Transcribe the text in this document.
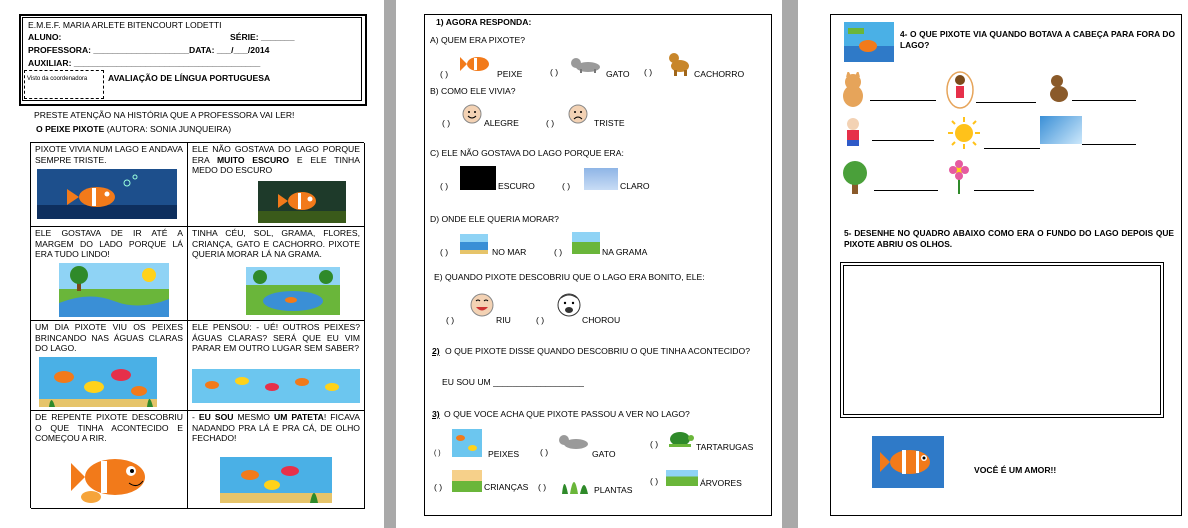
E.M.E.F. MARIA ARLETE BITENCOURT LODETTI
ALUNO:	SÉRIE: _______
PROFESSORA: ____________________DATA: ___/___/2014
AUXILIAR: _______________________________________
Visto da coordenadora AVALIAÇÃO DE LÍNGUA PORTUGUESA
PRESTE ATENÇÃO NA HISTÓRIA QUE A PROFESSORA VAI LER!
O PEIXE PIXOTE (AUTORA: SONIA JUNQUEIRA)
PIXOTE VIVIA NUM LAGO E ANDAVA SEMPRE TRISTE.
ELE NÃO GOSTAVA DO LAGO PORQUE ERA MUITO ESCURO E ELE TINHA MEDO DO ESCURO
ELE GOSTAVA DE IR ATÉ A MARGEM DO LADO PORQUE LÁ ERA TUDO LINDO!
TINHA CÉU, SOL, GRAMA, FLORES, CRIANÇA, GATO E CACHORRO. PIXOTE QUERIA MORAR LÁ NA GRAMA.
UM DIA PIXOTE VIU OS PEIXES BRINCANDO NAS ÁGUAS CLARAS DO LAGO.
ELE PENSOU: - UÉ! OUTROS PEIXES? ÁGUAS CLARAS? SERÁ QUE EU VIM PARAR EM OUTRO LUGAR SEM SABER?
DE REPENTE PIXOTE DESCOBRIU O QUE TINHA ACONTECIDO E COMEÇOU A RIR.
- EU SOU MESMO UM PATETA! FICAVA NADANDO PRA LÁ E PRA CÁ, DE OLHO FECHADO!
1) AGORA RESPONDA:
A) QUEM ERA PIXOTE?
( )	PEIXE	( )	GATO ( )	CACHORRO
B) COMO ELE VIVIA?
( )	ALEGRE	( )	TRISTE
C) ELE NÃO GOSTAVA DO LAGO PORQUE ERA:
( )	ESCURO	( )	CLARO
D) ONDE ELE QUERIA MORAR?
( )	NO MAR	( )	NA GRAMA
E) QUANDO PIXOTE DESCOBRIU QUE O LAGO ERA BONITO, ELE:
( )	RIU	( )	CHOROU
2) O QUE PIXOTE DISSE QUANDO DESCOBRIU O QUE TINHA ACONTECIDO?
EU SOU UM ___________________
3) O QUE VOCE ACHA QUE PIXOTE PASSOU A VER NO LAGO?
( )	PEIXES ( )	GATO
( )	TARTARUGAS
( )	CRIANÇAS ( )	PLANTAS
( )	ÁRVORES
4- O QUE PIXOTE VIA QUANDO BOTAVA A CABEÇA PARA FORA DO LAGO?
5- DESENHE NO QUADRO ABAIXO COMO ERA O FUNDO DO LAGO DEPOIS QUE PIXOTE ABRIU OS OLHOS.
VOCÊ É UM AMOR!!
